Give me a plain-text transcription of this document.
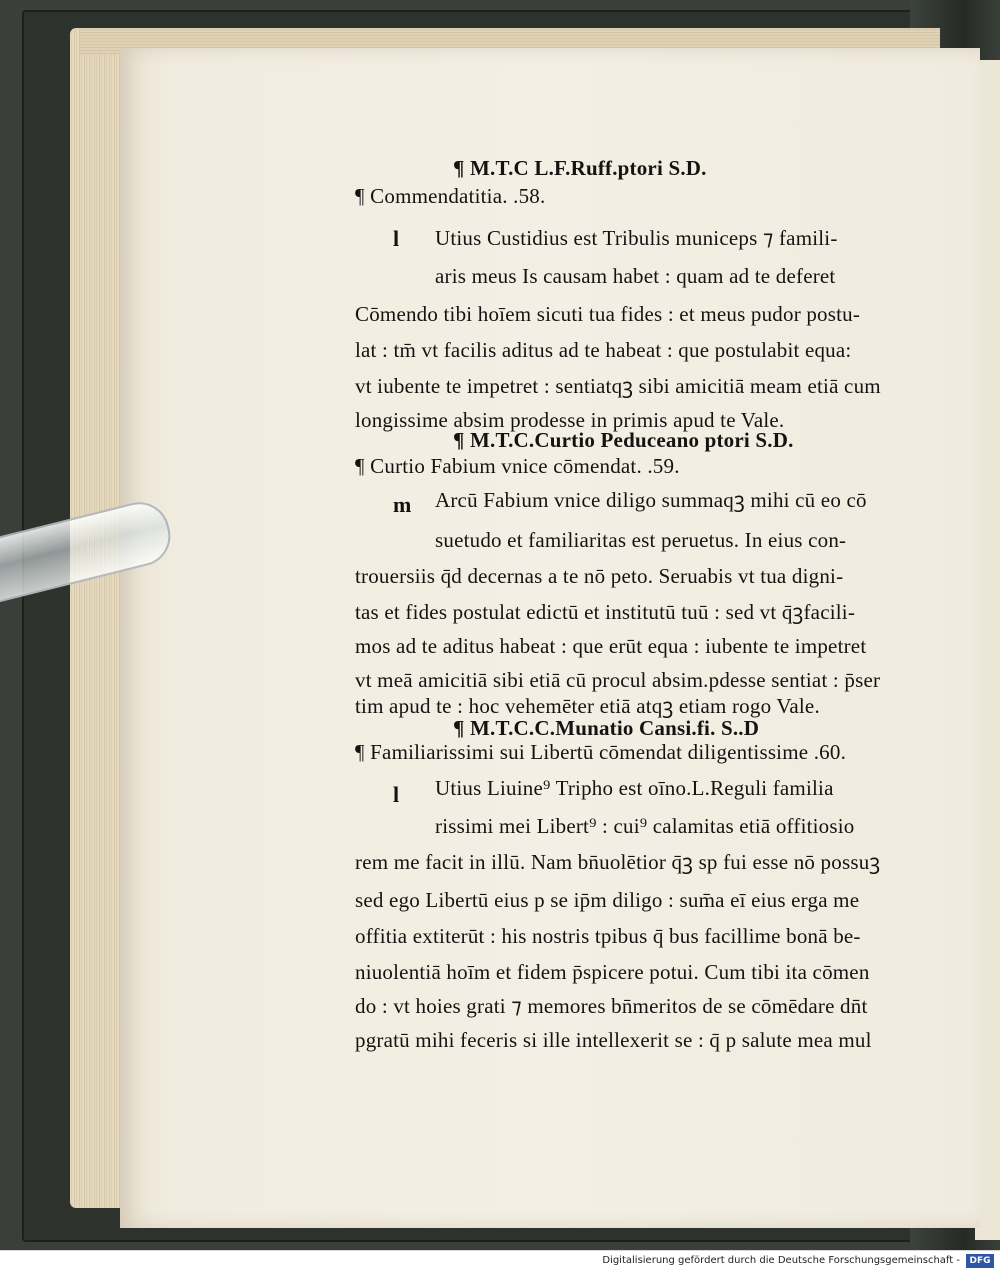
¶ M.T.C L.F.Ruff.ptori S.D.
¶ Commendatitia. .58.
l Utius Custidius est Tribulis municeps ⁊ famili-
aris meus Is causam habet : quam ad te deferet
Cōmendo tibi hoīem sicuti tua fides : et meus pudor postu-
lat : tm̄ vt facilis aditus ad te habeat : que postulabit equa:
vt iubente te impetret : sentiatqꝫ sibi amicitiā meam etiā cum
longissime absim prodesse in primis apud te Vale.
¶ M.T.C.Curtio Peduceano ptori S.D.
¶ Curtio Fabium vnice cōmendat. .59.
m Arcū Fabium vnice diligo summaqꝫ mihi cū eo cō
suetudo et familiaritas est peruetus. In eius con-
trouersiis q̄d decernas a te nō peto. Seruabis vt tua digni-
tas et fides postulat edictū et institutū tuū : sed vt q̄ꝫfacili-
mos ad te aditus habeat : que erūt equa : iubente te impetret
vt meā amicitiā sibi etiā cū procul absim.pdesse sentiat : p̄ser
tim apud te : hoc vehemēter etiā atqꝫ etiam rogo Vale.
¶ M.T.C.C.Munatio Cansi.fi. S..D
¶ Familiarissimi sui Libertū cōmendat diligentissime .60.
l Utius Liuine⁹ Tripho est oīno.L.Reguli familia
rissimi mei Libert⁹ : cui⁹ calamitas etiā offitiosio
rem me facit in illū. Nam bn̄uolētior q̄ꝫ sp fui esse nō possuꝫ
sed ego Libertū eius p se ip̄m diligo : sum̄a eī eius erga me
offitia extiterūt : his nostris tpibus q̄ bus facillime bonā be-
niuolentiā hoīm et fidem p̄spicere potui. Cum tibi ita cōmen
do : vt hoies grati ⁊ memores bn̄meritos de se cōmēdare dn̄t
pgratū mihi feceris si ille intellexerit se : q̄ p salute mea mul
Digitalisierung gefördert durch die Deutsche Forschungsgemeinschaft -	DFG
